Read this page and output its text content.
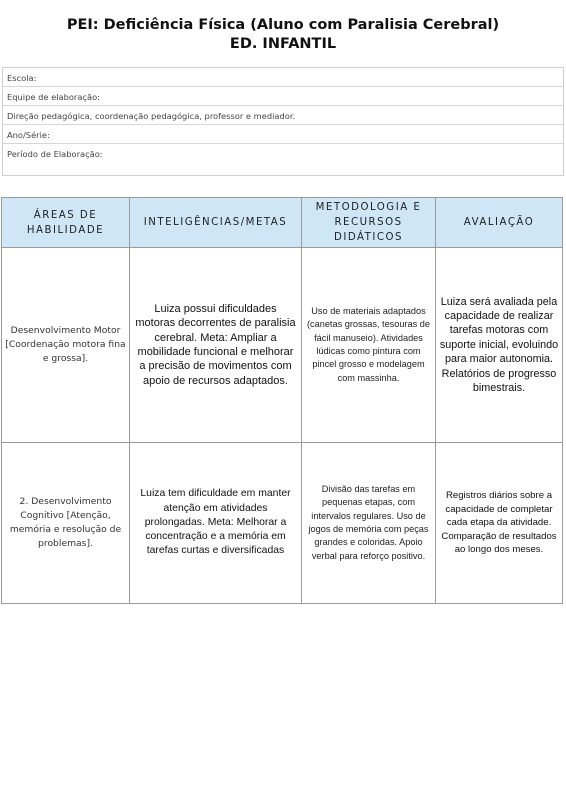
PEI: Deficiência Física (Aluno com Paralisia Cerebral)
ED. INFANTIL
Escola:
Equipe de elaboração:
Direção pedagógica, coordenação pedagógica, professor e mediador.
Ano/Série:
Período de Elaboração:
ÁREAS DE HABILIDADE	INTELIGÊNCIAS/METAS	METODOLOGIA E RECURSOS DIDÁTICOS	AVALIAÇÃO
Desenvolvimento Motor [Coordenação motora fina e grossa].	Luiza possui dificuldades motoras decorrentes de paralisia cerebral. Meta: Ampliar a mobilidade funcional e melhorar a precisão de movimentos com apoio de recursos adaptados.	Uso de materiais adaptados (canetas grossas, tesouras de fácil manuseio). Atividades lúdicas como pintura com pincel grosso e modelagem com massinha.	Luiza será avaliada pela capacidade de realizar tarefas motoras com suporte inicial, evoluindo para maior autonomia. Relatórios de progresso bimestrais.
2. Desenvolvimento Cognitivo [Atenção, memória e resolução de problemas].	Luiza tem dificuldade em manter atenção em atividades prolongadas. Meta: Melhorar a concentração e a memória em tarefas curtas e diversificadas	Divisão das tarefas em pequenas etapas, com intervalos regulares. Uso de jogos de memória com peças grandes e coloridas. Apoio verbal para reforço positivo.	Registros diários sobre a capacidade de completar cada etapa da atividade. Comparação de resultados ao longo dos meses.
